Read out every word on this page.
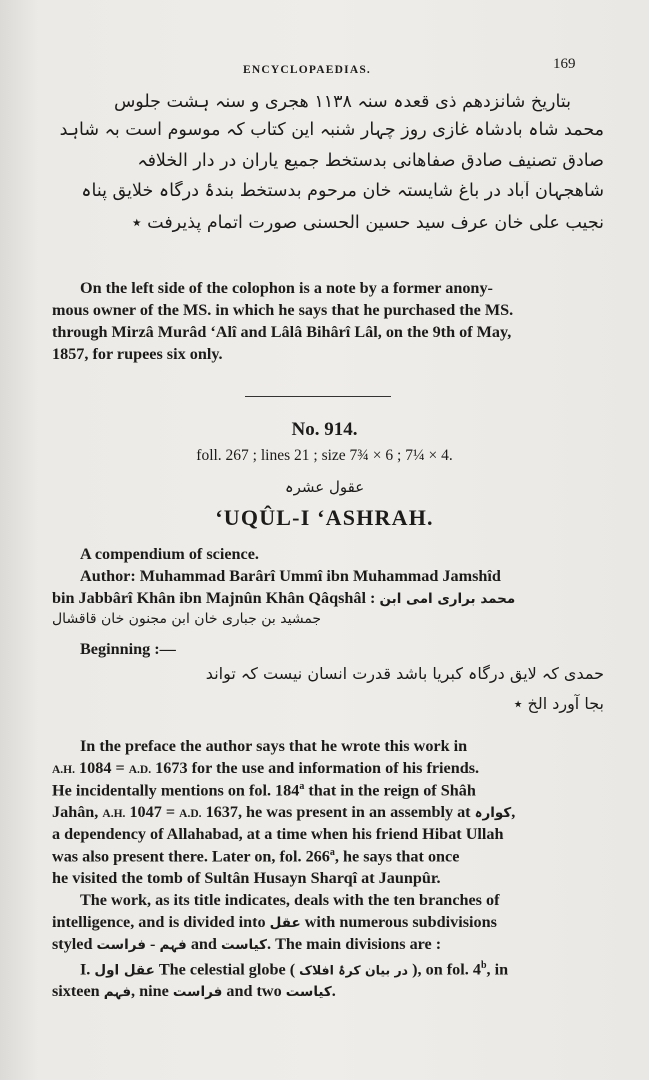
ENCYCLOPAEDIAS.	169
بتاریخ شانزدهم ذی قعدہ سنہ ۱۱۳۸ ھجری و سنہ ہشت جلوس
محمد شاہ بادشاہ غازی روز چہار شنبہ این کتاب کہ موسوم است بہ شاہد
صادق تصنیف صادق صفاھانی بدستخط جمیع یاران در دار الخلافہ
شاھجہان آباد در باغ شایستہ خان مرحوم بدستخط بندۂ درگاہ خلایق پناہ
نجیب علی خان عرف سید حسین الحسنی صورت اتمام پذیرفت ٭
On the left side of the colophon is a note by a former anony-
mous owner of the MS. in which he says that he purchased the MS.
through Mirzâ Murâd ‘Alî and Lâlâ Bihârî Lâl, on the 9th of May,
1857, for rupees six only.
No. 914.
foll. 267 ; lines 21 ; size 7¾ × 6 ; 7¼ × 4.
عقول عشرہ
‘UQÛL-I ‘ASHRAH.
A compendium of science.
Author: Muhammad Barârî Ummî ibn Muhammad Jamshîd
bin Jabbârî Khân ibn Majnûn Khân Qâqshâl : محمد براری امی ابن
جمشید بن جباری خان ابن مجنون خان قاقشال
Beginning :—
حمدی کہ لایق درگاہ کبریا باشد قدرت انسان نیست کہ تواند
بجا آورد الخ ٭
In the preface the author says that he wrote this work in
A.H. 1084 = A.D. 1673 for the use and information of his friends.
He incidentally mentions on fol. 184$^a$ that in the reign of Shâh
Jahân, A.H. 1047 = A.D. 1637, he was present in an assembly at کوارہ,
a dependency of Allahabad, at a time when his friend Hibat Ullah
was also present there. Later on, fol. 266$^a$, he says that once
he visited the tomb of Sultân Husayn Sharqî at Jaunpûr.
The work, as its title indicates, deals with the ten branches of
intelligence, and is divided into عقل with numerous subdivisions
styled	فہم - فراست	and کیاست. The main divisions are :
I. عقل اول The celestial globe ( در بیان کرۂ افلاک ), on fol. 4$^b$, in
sixteen فہم, nine فراست and two کیاست.
